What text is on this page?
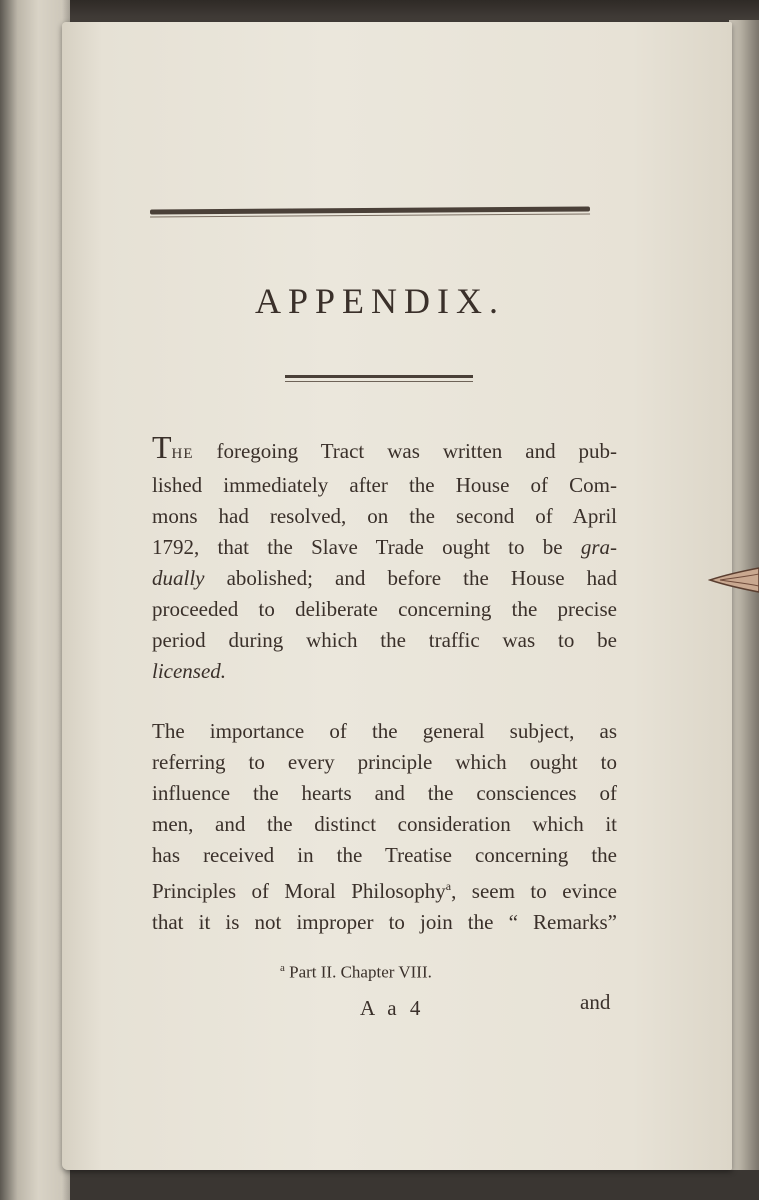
APPENDIX.
THE foregoing Tract was written and pub-
lished immediately after the House of Com-
mons had resolved, on the second of April
1792, that the Slave Trade ought to be gra-
dually abolished; and before the House had
proceeded to deliberate concerning the precise
period during which the traffic was to be
licensed.
The importance of the general subject, as
referring to every principle which ought to
influence the hearts and the consciences of
men, and the distinct consideration which it
has received in the Treatise concerning the
Principles of Moral Philosophy$^a$, seem to evince
that it is not improper to join the “ Remarks”
$^a$ Part II. Chapter VIII.
A a 4	and
